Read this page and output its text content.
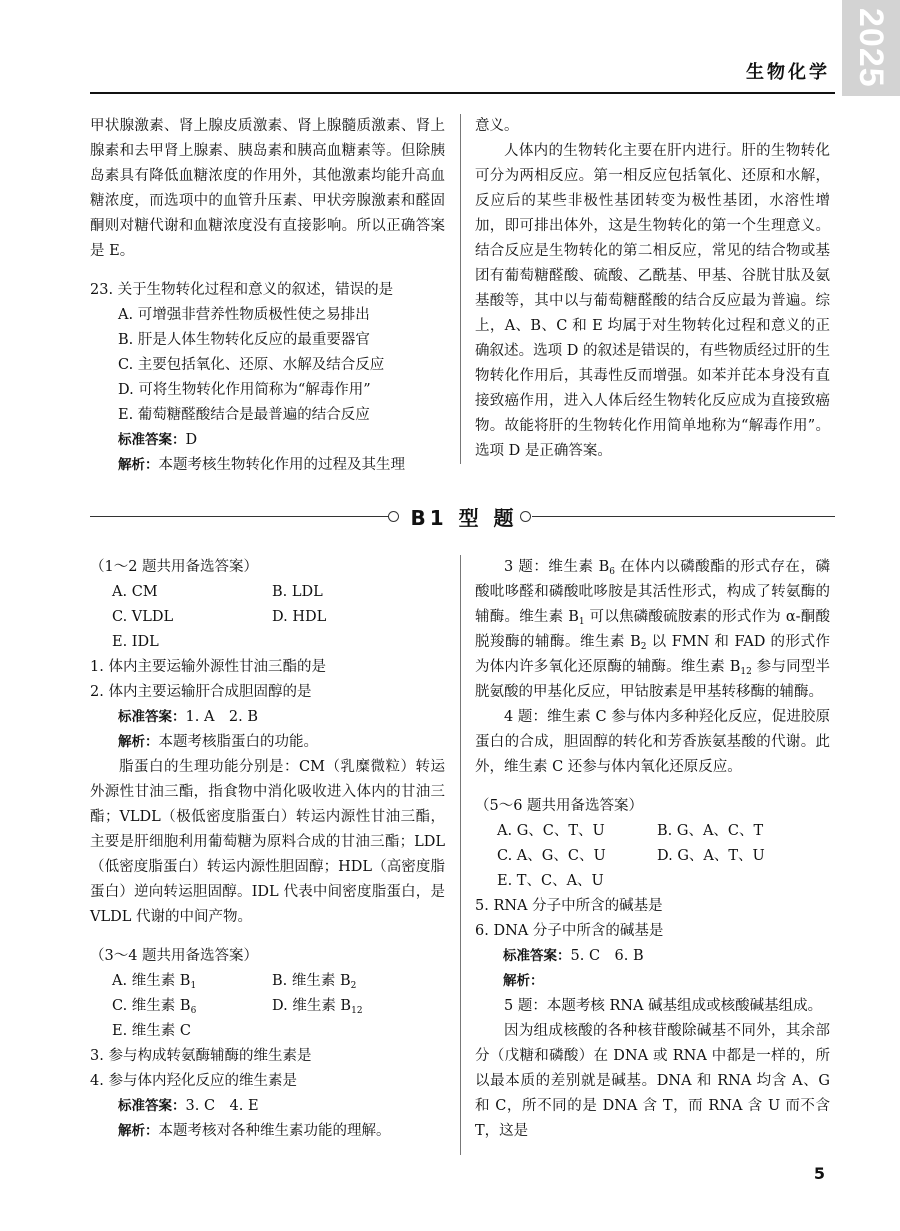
2025
生物化学

甲状腺激素、肾上腺皮质激素、肾上腺髓质激素、肾上腺素和去甲肾上腺素、胰岛素和胰高血糖素等。但除胰岛素具有降低血糖浓度的作用外，其他激素均能升高血糖浓度，而选项中的血管升压素、甲状旁腺激素和醛固酮则对糖代谢和血糖浓度没有直接影响。所以正确答案是 E。

23. 关于生物转化过程和意义的叙述，错误的是

A. 可增强非营养性物质极性使之易排出

B. 肝是人体生物转化反应的最重要器官

C. 主要包括氧化、还原、水解及结合反应

D. 可将生物转化作用简称为“解毒作用”

E. 葡萄糖醛酸结合是最普遍的结合反应

标准答案：D

解析：本题考核生物转化作用的过程及其生理

意义。

人体内的生物转化主要在肝内进行。肝的生物转化可分为两相反应。第一相反应包括氧化、还原和水解，反应后的某些非极性基团转变为极性基团，水溶性增加，即可排出体外，这是生物转化的第一个生理意义。结合反应是生物转化的第二相反应，常见的结合物或基团有葡萄糖醛酸、硫酸、乙酰基、甲基、谷胱甘肽及氨基酸等，其中以与葡萄糖醛酸的结合反应最为普遍。综上，A、B、C 和 E 均属于对生物转化过程和意义的正确叙述。选项 D 的叙述是错误的，有些物质经过肝的生物转化作用后，其毒性反而增强。如苯并芘本身没有直接致癌作用，进入人体后经生物转化反应成为直接致癌物。故能将肝的生物转化作用简单地称为“解毒作用”。选项 D 是正确答案。

B1 型 题

（1～2 题共用备选答案）

A. CM	B. LDL
C. VLDL	D. HDL
E. IDL

1. 体内主要运输外源性甘油三酯的是

2. 体内主要运输肝合成胆固醇的是

标准答案：1. A　2. B

解析：本题考核脂蛋白的功能。

脂蛋白的生理功能分别是：CM（乳糜微粒）转运外源性甘油三酯，指食物中消化吸收进入体内的甘油三酯；VLDL（极低密度脂蛋白）转运内源性甘油三酯，主要是肝细胞利用葡萄糖为原料合成的甘油三酯；LDL（低密度脂蛋白）转运内源性胆固醇；HDL（高密度脂蛋白）逆向转运胆固醇。IDL 代表中间密度脂蛋白，是 VLDL 代谢的中间产物。

（3～4 题共用备选答案）

A. 维生素 $B_1$	B. 维生素 $B_2$
C. 维生素 $B_6$	D. 维生素 $B_{12}$
E. 维生素 C

3. 参与构成转氨酶辅酶的维生素是

4. 参与体内羟化反应的维生素是

标准答案：3. C　4. E

解析：本题考核对各种维生素功能的理解。

3 题：维生素 $B_6$ 在体内以磷酸酯的形式存在，磷酸吡哆醛和磷酸吡哆胺是其活性形式，构成了转氨酶的辅酶。维生素 $B_1$ 可以焦磷酸硫胺素的形式作为 α-酮酸脱羧酶的辅酶。维生素 $B_2$ 以 FMN 和 FAD 的形式作为体内许多氧化还原酶的辅酶。维生素 $B_{12}$ 参与同型半胱氨酸的甲基化反应，甲钴胺素是甲基转移酶的辅酶。

4 题：维生素 C 参与体内多种羟化反应，促进胶原蛋白的合成，胆固醇的转化和芳香族氨基酸的代谢。此外，维生素 C 还参与体内氧化还原反应。

（5～6 题共用备选答案）

A. G、C、T、U	B. G、A、C、T
C. A、G、C、U	D. G、A、T、U
E. T、C、A、U

5. RNA 分子中所含的碱基是

6. DNA 分子中所含的碱基是

标准答案：5. C　6. B

解析：

5 题：本题考核 RNA 碱基组成或核酸碱基组成。

因为组成核酸的各种核苷酸除碱基不同外，其余部分（戊糖和磷酸）在 DNA 或 RNA 中都是一样的，所以最本质的差别就是碱基。DNA 和 RNA 均含 A、G 和 C，所不同的是 DNA 含 T，而 RNA 含 U 而不含 T，这是

5
